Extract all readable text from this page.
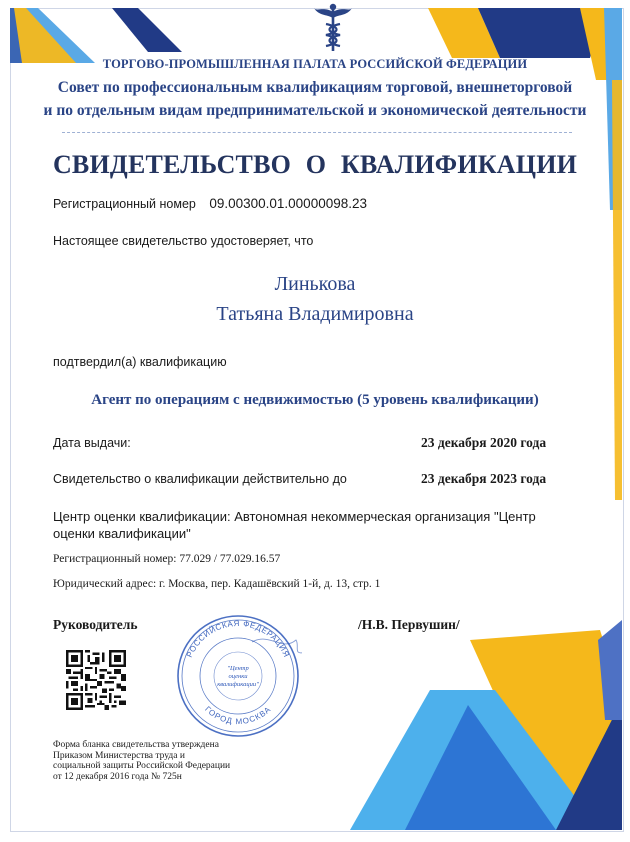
ТОРГОВО-ПРОМЫШЛЕННАЯ ПАЛАТА РОССИЙСКОЙ ФЕДЕРАЦИИ
Совет по профессиональным квалификациям торговой, внешнеторговой
и по отдельным видам предпринимательской и экономической деятельности
СВИДЕТЕЛЬСТВО О КВАЛИФИКАЦИИ
Регистрационный номер 09.00300.01.00000098.23
Настоящее свидетельство удостоверяет, что
Линькова
Татьяна Владимировна
подтвердил(а) квалификацию
Агент по операциям с недвижимостью (5 уровень квалификации)
Дата выдачи:	23 декабря 2020 года
Свидетельство о квалификации действительно до	23 декабря 2023 года
Центр оценки квалификации: Автономная некоммерческая организация "Центр оценки квалификации"
Регистрационный номер: 77.029 / 77.029.16.57
Юридический адрес: г. Москва, пер. Кадашёвский 1-й, д. 13, стр. 1
Руководитель	/Н.В. Первушин/
РОССИЙСКАЯ ФЕДЕРАЦИЯ
ГОРОД МОСКВА
"Центр
оценки
квалификации"
Форма бланка свидетельства утверждена
Приказом Министерства труда и
социальной защиты Российской Федерации
от 12 декабря 2016 года № 725н
